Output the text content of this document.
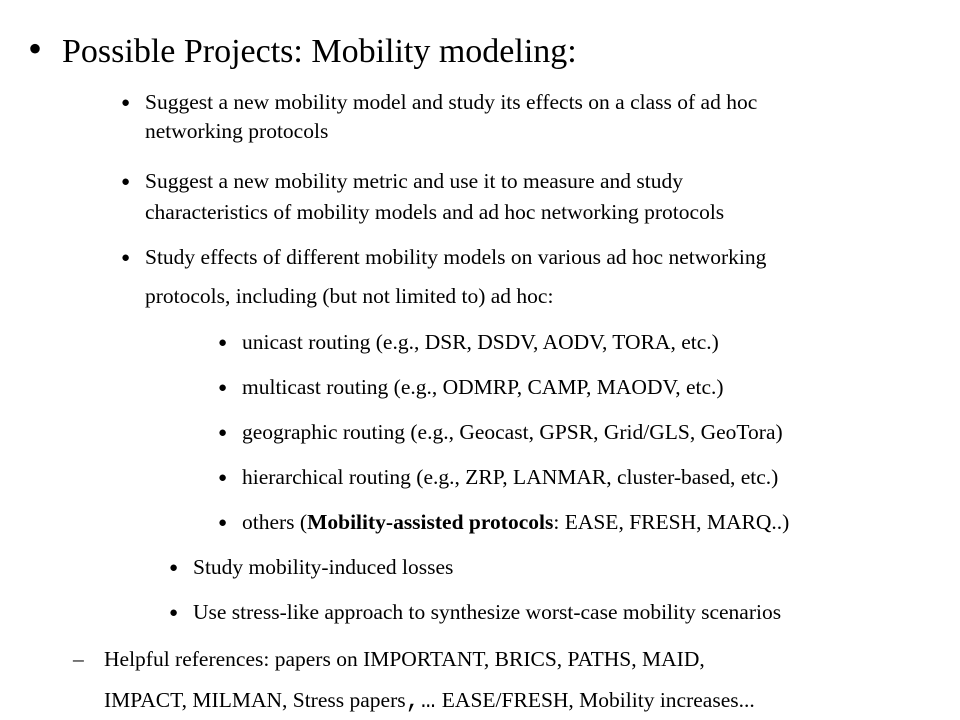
• Possible Projects: Mobility modeling:
● Suggest a new mobility model and study its effects on a class of ad hoc
networking protocols
● Suggest a new mobility metric and use it to measure and study
characteristics of mobility models and ad hoc networking protocols
● Study effects of different mobility models on various ad hoc networking
protocols, including (but not limited to) ad hoc:
● unicast routing (e.g., DSR, DSDV, AODV, TORA, etc.)
● multicast routing (e.g., ODMRP, CAMP, MAODV, etc.)
● geographic routing (e.g., Geocast, GPSR, Grid/GLS, GeoTora)
● hierarchical routing (e.g., ZRP, LANMAR, cluster-based, etc.)
● others (Mobility-assisted protocols: EASE, FRESH, MARQ..)
● Study mobility-induced losses
● Use stress-like approach to synthesize worst-case mobility scenarios
– Helpful references: papers on IMPORTANT, BRICS, PATHS, MAID,
IMPACT, MILMAN, Stress papers,… EASE/FRESH, Mobility increases...
